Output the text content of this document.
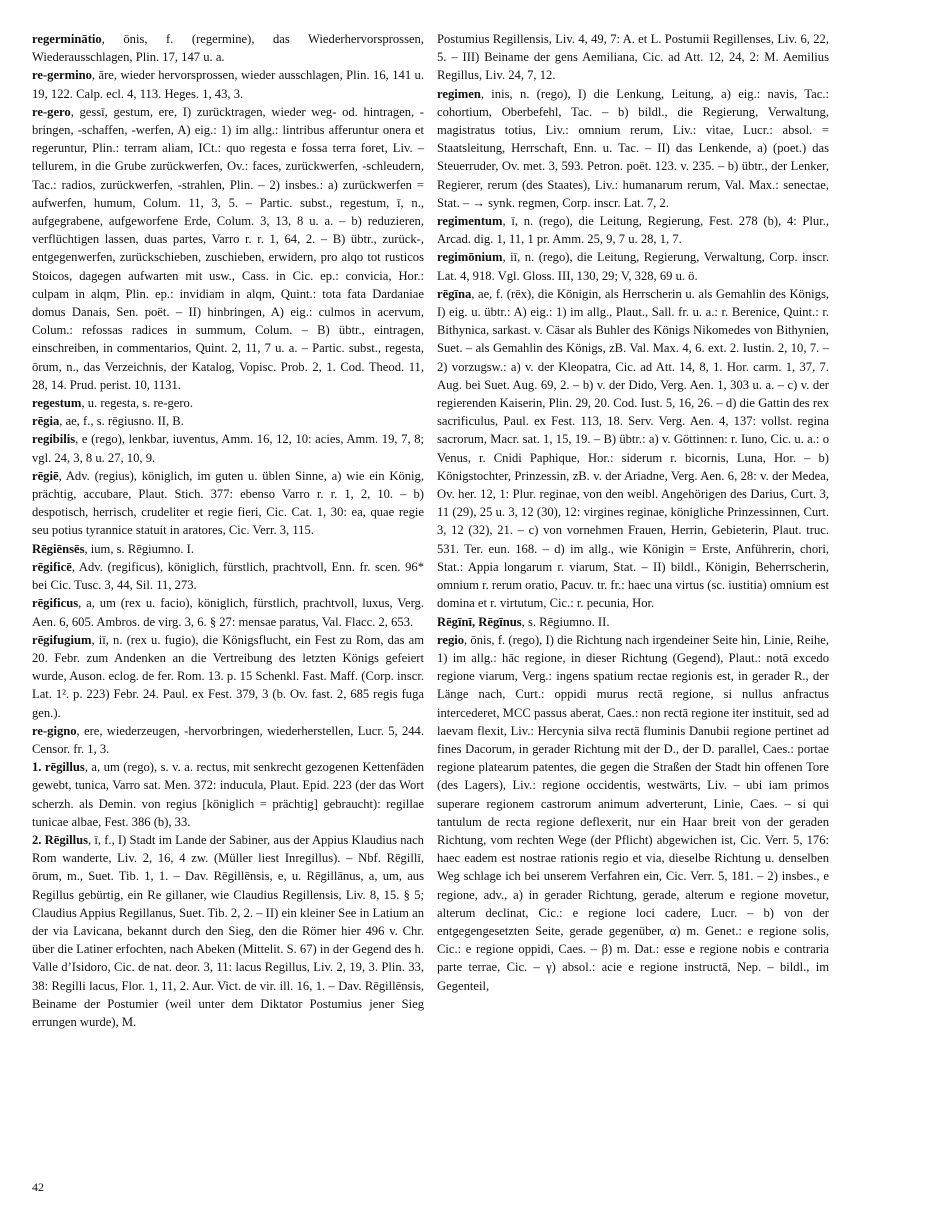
regerminātio, ōnis, f. (regermine), das Wiederhervorsprossen, Wiederausschlagen, Plin. 17, 147 u. a.
re-germino, āre, wieder hervorsprossen, wieder ausschlagen, Plin. 16, 141 u. 19, 122. Calp. ecl. 4, 113. Heges. 1, 43, 3.
re-gero, gessī, gestum, ere, I) zurücktragen, wieder weg- od. hintragen, -bringen, -schaffen, -werfen, A) eig.: 1) im allg.: lintribus afferuntur onera et regeruntur, Plin.: terram aliam, ICt.: quo regesta e fossa terra foret, Liv. – tellurem, in die Grube zurückwerfen, Ov.: faces, zurückwerfen, -schleudern, Tac.: radios, zurückwerfen, -strahlen, Plin. – 2) insbes.: a) zurückwerfen = aufwerfen, humum, Colum. 11, 3, 5. – Partic. subst., regestum, ī, n., aufgegrabene, aufgeworfene Erde, Colum. 3, 13, 8 u. a. – b) reduzieren, verflüchtigen lassen, duas partes, Varro r. r. 1, 64, 2. – B) übtr., zurück-, entgegenwerfen, zurückschieben, zuschieben, erwidern, pro alqo tot rusticos Stoicos, dagegen aufwarten mit usw., Cass. in Cic. ep.: convicia, Hor.: culpam in alqm, Plin. ep.: invidiam in alqm, Quint.: tota fata Dardaniae domus Danais, Sen. poët. – II) hinbringen, A) eig.: culmos in acervum, Colum.: refossas radices in summum, Colum. – B) übtr., eintragen, einschreiben, in commentarios, Quint. 2, 11, 7 u. a. – Partic. subst., regesta, ōrum, n., das Verzeichnis, der Katalog, Vopisc. Prob. 2, 1. Cod. Theod. 11, 28, 14. Prud. perist. 10, 1131.
regestum, u. regesta, s. re-gero.
rēgia, ae, f., s. rēgiusno. II, B.
regibilis, e (rego), lenkbar, iuventus, Amm. 16, 12, 10: acies, Amm. 19, 7, 8; vgl. 24, 3, 8 u. 27, 10, 9.
rēgiē, Adv. (regius), königlich, im guten u. üblen Sinne, a) wie ein König, prächtig, accubare, Plaut. Stich. 377: ebenso Varro r. r. 1, 2, 10. – b) despotisch, herrisch, crudeliter et regie fieri, Cic. Cat. 1, 30: ea, quae regie seu potius tyrannice statuit in aratores, Cic. Verr. 3, 115.
Rēgiēnsēs, ium, s. Rēgiumno. I.
rēgificē, Adv. (regificus), königlich, fürstlich, prachtvoll, Enn. fr. scen. 96* bei Cic. Tusc. 3, 44, Sil. 11, 273.
rēgificus, a, um (rex u. facio), königlich, fürstlich, prachtvoll, luxus, Verg. Aen. 6, 605. Ambros. de virg. 3, 6. § 27: mensae paratus, Val. Flacc. 2, 653.
rēgifugium, iī, n. (rex u. fugio), die Königsflucht, ein Fest zu Rom, das am 20. Febr. zum Andenken an die Vertreibung des letzten Königs gefeiert wurde, Auson. eclog. de fer. Rom. 13. p. 15 Schenkl. Fast. Maff. (Corp. inscr. Lat. 1². p. 223) Febr. 24. Paul. ex Fest. 379, 3 (b. Ov. fast. 2, 685 regis fuga gen.).
re-gigno, ere, wiederzeugen, -hervorbringen, wiederherstellen, Lucr. 5, 244. Censor. fr. 1, 3.
1. rēgillus, a, um (rego), s. v. a. rectus, mit senkrecht gezogenen Kettenfäden gewebt, tunica, Varro sat. Men. 372: inducula, Plaut. Epid. 223 (der das Wort scherzh. als Demin. von regius [königlich = prächtig] gebraucht): regillae tunicae albae, Fest. 386 (b), 33.
2. Rēgillus, ī, f., I) Stadt im Lande der Sabiner, aus der Appius Klaudius nach Rom wanderte, Liv. 2, 16, 4 zw. (Müller liest Inregillus). – Nbf. Rēgillī, ōrum, m., Suet. Tib. 1, 1. – Dav. Rēgillēnsis, e, u. Rēgillānus, a, um, aus Regillus gebürtig, ein Re gillaner, wie Claudius Regillensis, Liv. 8, 15. § 5; Claudius Appius Regillanus, Suet. Tib. 2, 2. – II) ein kleiner See in Latium an der via Lavicana, bekannt durch den Sieg, den die Römer hier 496 v. Chr. über die Latiner erfochten, nach Abeken (Mittelit. S. 67) in der Gegend des h. Valle d’Isidoro, Cic. de nat. deor. 3, 11: lacus Regillus, Liv. 2, 19, 3. Plin. 33, 38: Regilli lacus, Flor. 1, 11, 2. Aur. Vict. de vir. ill. 16, 1. – Dav. Rēgillēnsis, Beiname der Postumier (weil unter dem Diktator Postumius jener Sieg errungen wurde), M.
Postumius Regillensis, Liv. 4, 49, 7: A. et L. Postumii Regillenses, Liv. 6, 22, 5. – III) Beiname der gens Aemiliana, Cic. ad Att. 12, 24, 2: M. Aemilius Regillus, Liv. 24, 7, 12.
regimen, inis, n. (rego), I) die Lenkung, Leitung, a) eig.: navis, Tac.: cohortium, Oberbefehl, Tac. – b) bildl., die Regierung, Verwaltung, magistratus totius, Liv.: omnium rerum, Liv.: vitae, Lucr.: absol. = Staatsleitung, Herrschaft, Enn. u. Tac. – II) das Lenkende, a) (poet.) das Steuerruder, Ov. met. 3, 593. Petron. poët. 123. v. 235. – b) übtr., der Lenker, Regierer, rerum (des Staates), Liv.: humanarum rerum, Val. Max.: senectae, Stat. – → synk. regmen, Corp. inscr. Lat. 7, 2.
regimentum, ī, n. (rego), die Leitung, Regierung, Fest. 278 (b), 4: Plur., Arcad. dig. 1, 11, 1 pr. Amm. 25, 9, 7 u. 28, 1, 7.
regimōnium, iī, n. (rego), die Leitung, Regierung, Verwaltung, Corp. inscr. Lat. 4, 918. Vgl. Gloss. III, 130, 29; V, 328, 69 u. ö.
rēgīna, ae, f. (rēx), die Königin, als Herrscherin u. als Gemahlin des Königs, I) eig. u. übtr.: A) eig.: 1) im allg., Plaut., Sall. fr. u. a.: r. Berenice, Quint.: r. Bithynica, sarkast. v. Cäsar als Buhler des Königs Nikomedes von Bithynien, Suet. – als Gemahlin des Königs, zB. Val. Max. 4, 6. ext. 2. Iustin. 2, 10, 7. – 2) vorzugsw.: a) v. der Kleopatra, Cic. ad Att. 14, 8, 1. Hor. carm. 1, 37, 7. Aug. bei Suet. Aug. 69, 2. – b) v. der Dido, Verg. Aen. 1, 303 u. a. – c) v. der regierenden Kaiserin, Plin. 29, 20. Cod. Iust. 5, 16, 26. – d) die Gattin des rex sacrificulus, Paul. ex Fest. 113, 18. Serv. Verg. Aen. 4, 137: vollst. regina sacrorum, Macr. sat. 1, 15, 19. – B) übtr.: a) v. Göttinnen: r. Iuno, Cic. u. a.: o Venus, r. Cnidi Paphique, Hor.: siderum r. bicornis, Luna, Hor. – b) Königstochter, Prinzessin, zB. v. der Ariadne, Verg. Aen. 6, 28: v. der Medea, Ov. her. 12, 1: Plur. reginae, von den weibl. Angehörigen des Darius, Curt. 3, 11 (29), 25 u. 3, 12 (30), 12: virgines reginae, königliche Prinzessinnen, Curt. 3, 12 (32), 21. – c) von vornehmen Frauen, Herrin, Gebieterin, Plaut. truc. 531. Ter. eun. 168. – d) im allg., wie Königin = Erste, Anführerin, chori, Stat.: Appia longarum r. viarum, Stat. – II) bildl., Königin, Beherrscherin, omnium r. rerum oratio, Pacuv. tr. fr.: haec una virtus (sc. iustitia) omnium est domina et r. virtutum, Cic.: r. pecunia, Hor.
Rēgīnī, Rēgīnus, s. Rēgiumno. II.
regio, ōnis, f. (rego), I) die Richtung nach irgendeiner Seite hin, Linie, Reihe, 1) im allg.: hāc regione, in dieser Richtung (Gegend), Plaut.: notā excedo regione viarum, Verg.: ingens spatium rectae regionis est, in gerader R., der Länge nach, Curt.: oppidi murus rectā regione, si nullus anfractus intercederet, MCC passus aberat, Caes.: non rectā regione iter instituit, sed ad laevam flexit, Liv.: Hercynia silva rectā fluminis Danubii regione pertinet ad fines Dacorum, in gerader Richtung mit der D., der D. parallel, Caes.: portae regione platearum patentes, die gegen die Straßen der Stadt hin offenen Tore (des Lagers), Liv.: regione occidentis, westwärts, Liv. – ubi iam primos superare regionem castrorum animum adverterunt, Linie, Caes. – si qui tantulum de recta regione deflexerit, nur ein Haar breit von der geraden Richtung, vom rechten Wege (der Pflicht) abgewichen ist, Cic. Verr. 5, 176: haec eadem est nostrae rationis regio et via, dieselbe Richtung u. denselben Weg schlage ich bei unserem Verfahren ein, Cic. Verr. 5, 181. – 2) insbes., e regione, adv., a) in gerader Richtung, gerade, alterum e regione movetur, alterum declinat, Cic.: e regione loci cadere, Lucr. – b) von der entgegengesetzten Seite, gerade gegenüber, α) m. Genet.: e regione solis, Cic.: e regione oppidi, Caes. – β) m. Dat.: esse e regione nobis e contraria parte terrae, Cic. – γ) absol.: acie e regione instructā, Nep. – bildl., im Gegenteil,
42
